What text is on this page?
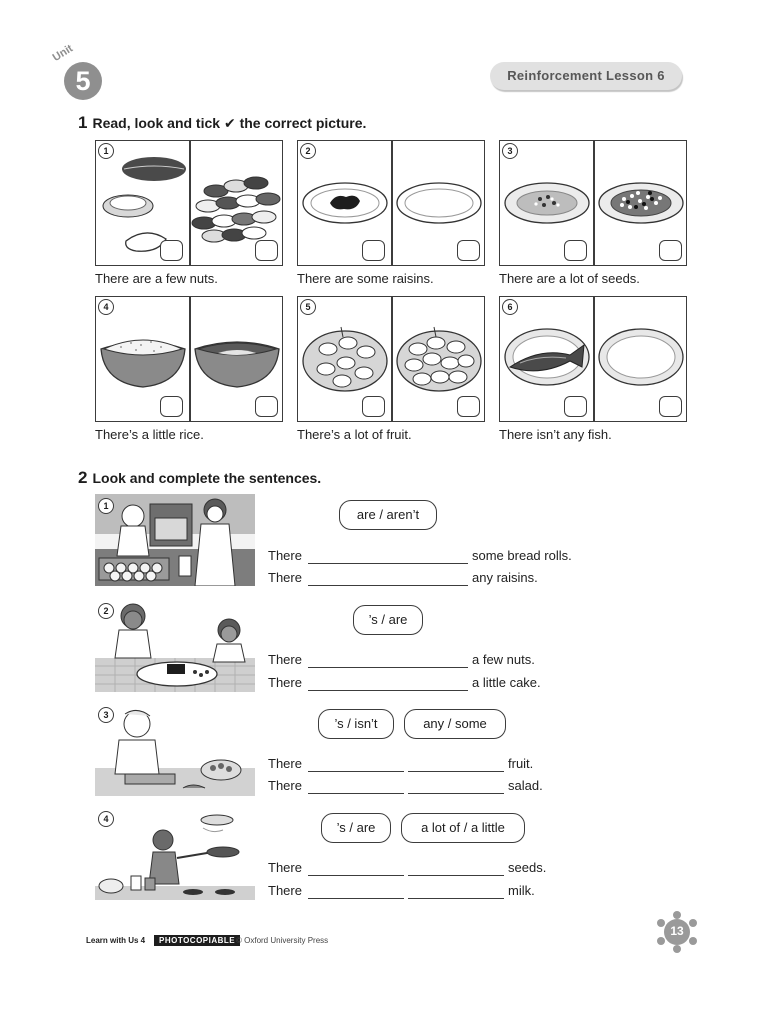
Unit
5	Reinforcement Lesson 6
1 Read, look and tick ✔ the correct picture.
1
There are a few nuts.
2
There are some raisins.
3
There are a lot of seeds.
4
There’s a little rice.
5
There’s a lot of fruit.
6
There isn’t any fish.
2 Look and complete the sentences.
1
are / aren’t
There	some bread rolls.
There	any raisins.
2
’s / are
There	a few nuts.
There	a little cake.
3
’s / isn’t	any / some
There	fruit.
There	salad.
4
’s / are	a lot of / a little
There	seeds.
There	milk.
Learn with Us 4	PHOTOCOPIABLE © Oxford University Press
13
